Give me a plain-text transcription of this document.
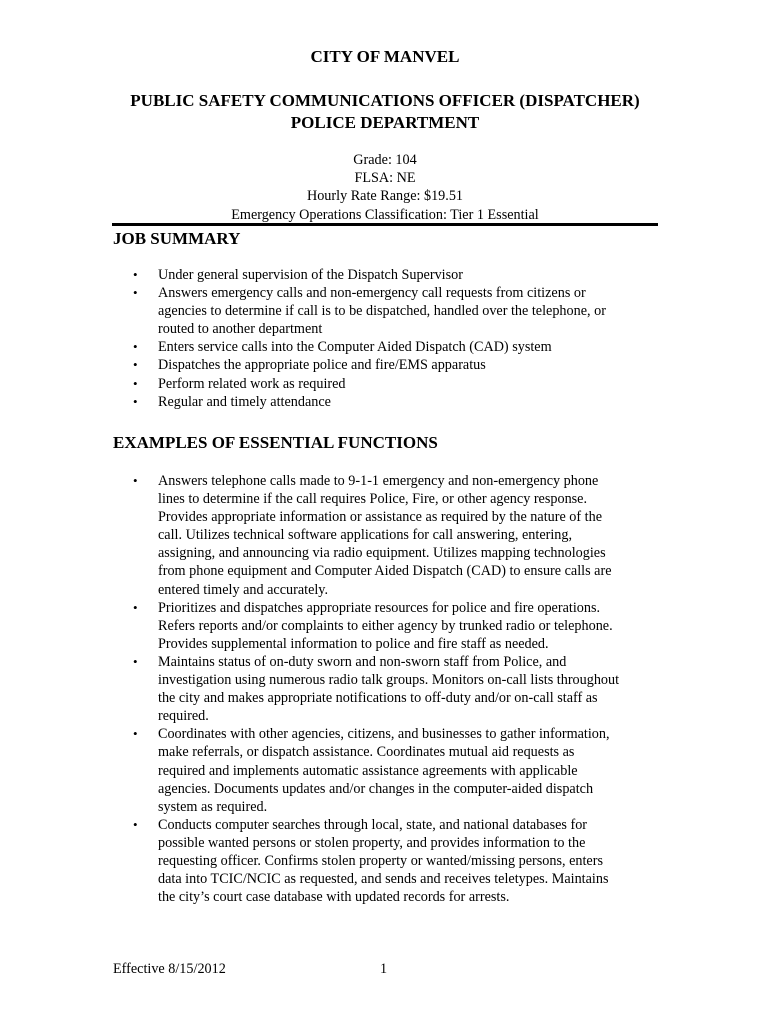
CITY OF MANVEL
PUBLIC SAFETY COMMUNICATIONS OFFICER (DISPATCHER)
POLICE DEPARTMENT
Grade: 104
FLSA: NE
Hourly Rate Range: $19.51
Emergency Operations Classification: Tier 1 Essential
JOB SUMMARY
• Under general supervision of the Dispatch Supervisor
• Answers emergency calls and non-emergency call requests from citizens or
agencies to determine if call is to be dispatched, handled over the telephone, or
routed to another department
• Enters service calls into the Computer Aided Dispatch (CAD) system
• Dispatches the appropriate police and fire/EMS apparatus
• Perform related work as required
• Regular and timely attendance
EXAMPLES OF ESSENTIAL FUNCTIONS
• Answers telephone calls made to 9-1-1 emergency and non-emergency phone
lines to determine if the call requires Police, Fire, or other agency response.
Provides appropriate information or assistance as required by the nature of the
call. Utilizes technical software applications for call answering, entering,
assigning, and announcing via radio equipment. Utilizes mapping technologies
from phone equipment and Computer Aided Dispatch (CAD) to ensure calls are
entered timely and accurately.
• Prioritizes and dispatches appropriate resources for police and fire operations.
Refers reports and/or complaints to either agency by trunked radio or telephone.
Provides supplemental information to police and fire staff as needed.
• Maintains status of on-duty sworn and non-sworn staff from Police, and
investigation using numerous radio talk groups. Monitors on-call lists throughout
the city and makes appropriate notifications to off-duty and/or on-call staff as
required.
• Coordinates with other agencies, citizens, and businesses to gather information,
make referrals, or dispatch assistance. Coordinates mutual aid requests as
required and implements automatic assistance agreements with applicable
agencies. Documents updates and/or changes in the computer-aided dispatch
system as required.
• Conducts computer searches through local, state, and national databases for
possible wanted persons or stolen property, and provides information to the
requesting officer. Confirms stolen property or wanted/missing persons, enters
data into TCIC/NCIC as requested, and sends and receives teletypes. Maintains
the city’s court case database with updated records for arrests.
Effective 8/15/2012	1
